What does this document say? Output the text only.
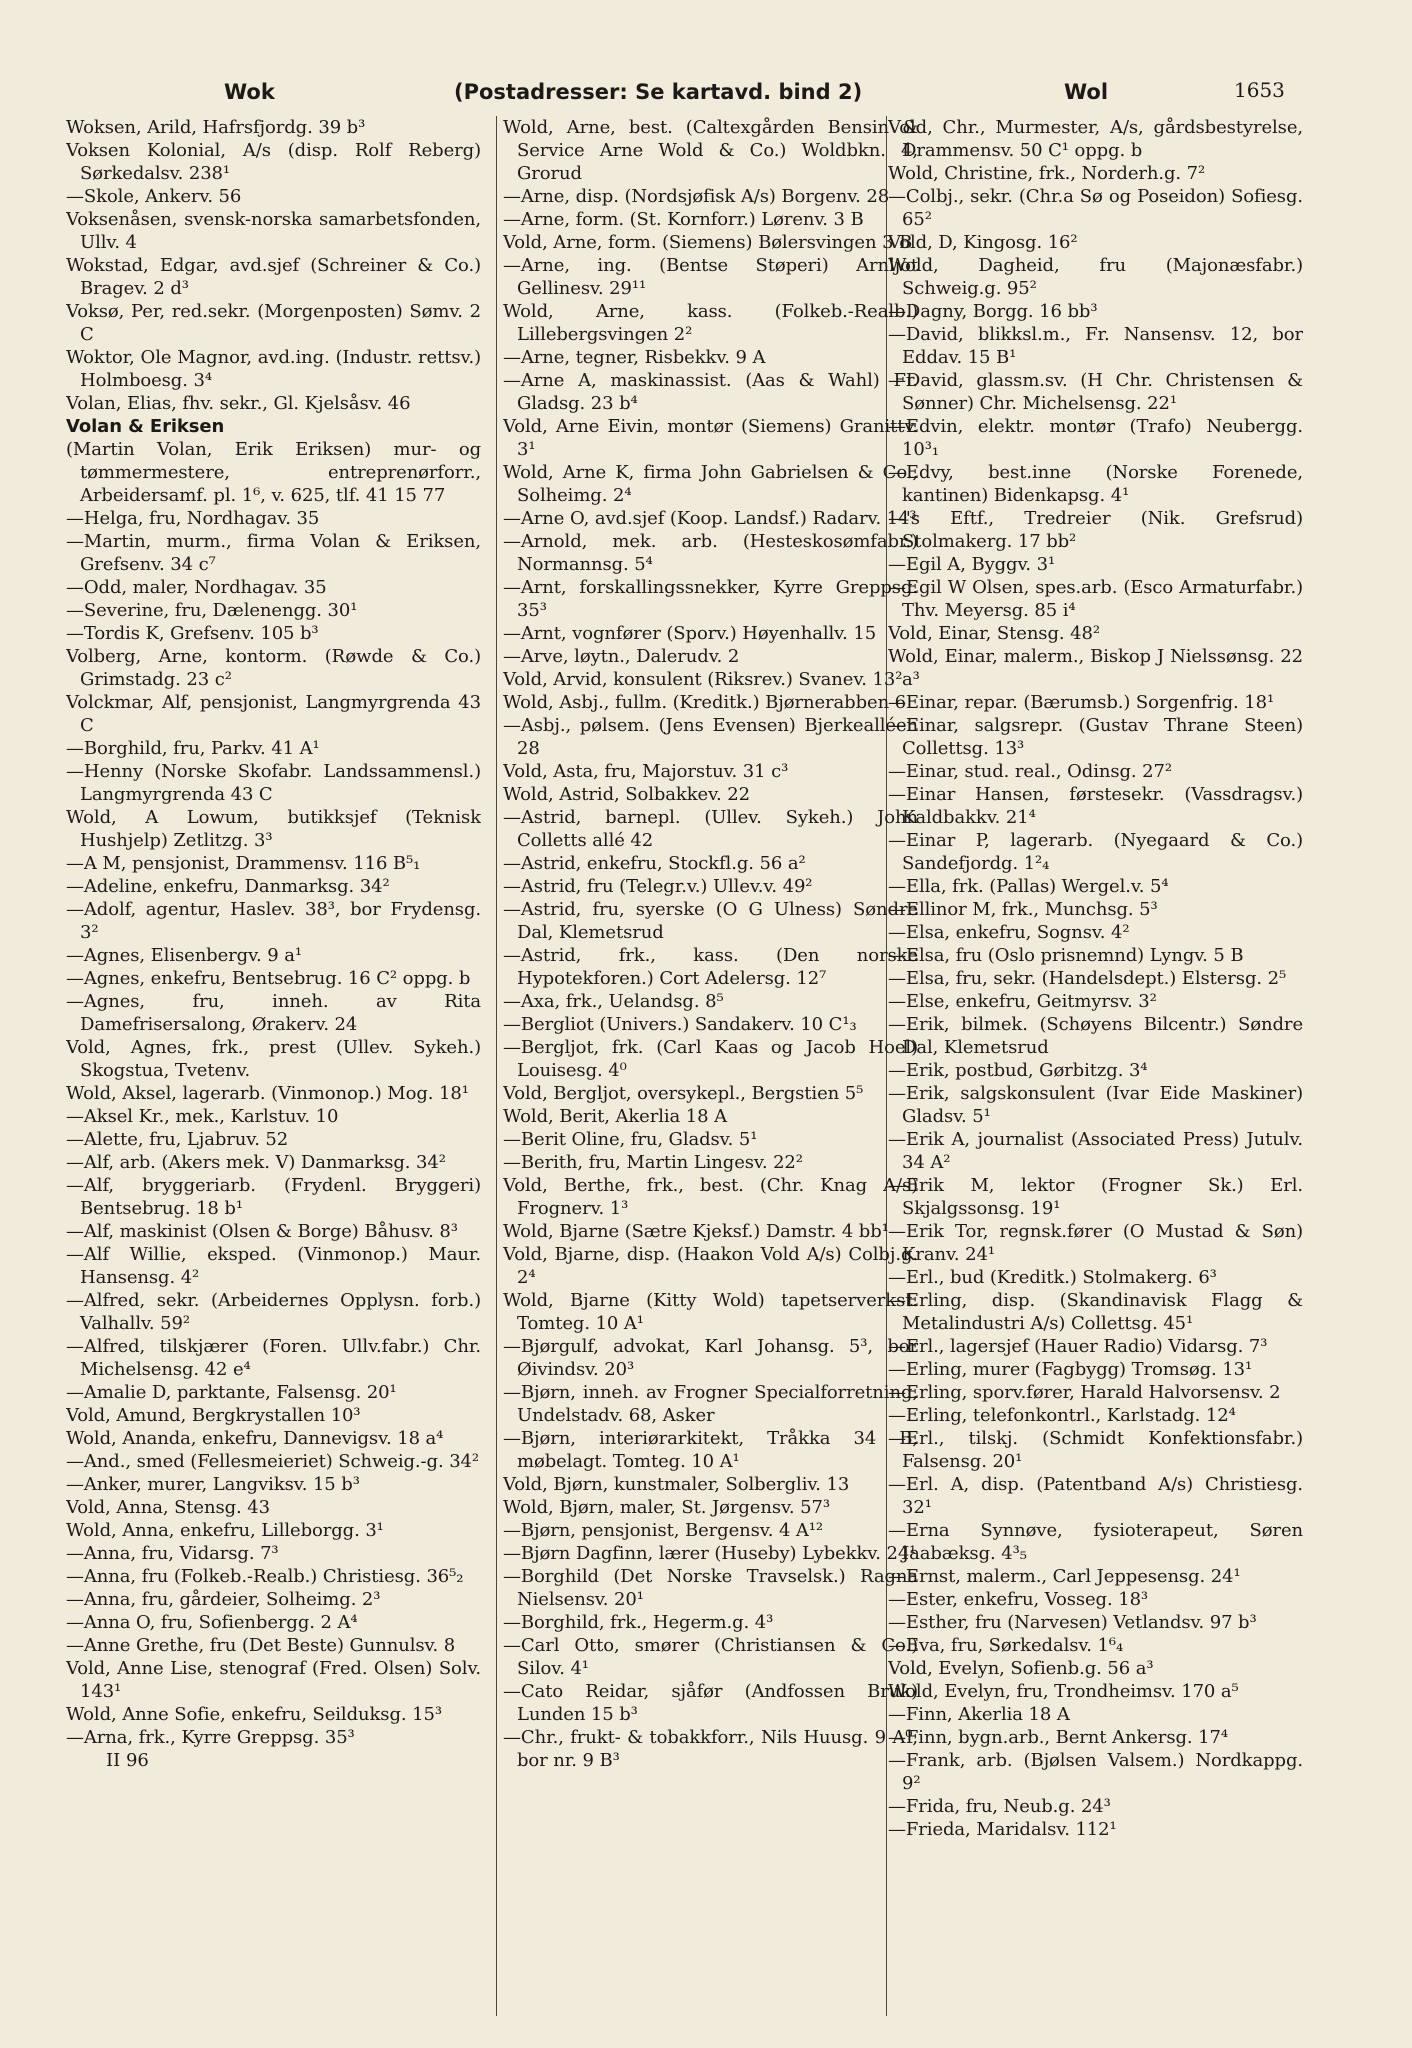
Wok	(Postadresser: Se kartavd. bind 2)	Wol	1653

Woksen, Arild, Hafrsfjordg. 39 b³

Voksen Kolonial, A/s (disp. Rolf Reberg) Sørkedalsv. 238¹

—Skole, Ankerv. 56

Voksenåsen, svensk-norska samarbetsfonden, Ullv. 4

Wokstad, Edgar, avd.sjef (Schreiner & Co.) Bragev. 2 d³

Voksø, Per, red.sekr. (Morgenposten) Sømv. 2 C

Woktor, Ole Magnor, avd.ing. (Industr. rettsv.) Holmboesg. 3⁴

Volan, Elias, fhv. sekr., Gl. Kjelsåsv. 46

Volan & Eriksen

(Martin Volan, Erik Eriksen) mur- og tømmermestere, entreprenørforr., Arbeidersamf. pl. 1⁶, v. 625, tlf. 41 15 77

—Helga, fru, Nordhagav. 35

—Martin, murm., firma Volan & Eriksen, Grefsenv. 34 c⁷

—Odd, maler, Nordhagav. 35

—Severine, fru, Dælenengg. 30¹

—Tordis K, Grefsenv. 105 b³

Volberg, Arne, kontorm. (Røwde & Co.) Grimstadg. 23 c²

Volckmar, Alf, pensjonist, Langmyrgrenda 43 C

—Borghild, fru, Parkv. 41 A¹

—Henny (Norske Skofabr. Landssammensl.) Langmyrgrenda 43 C

Wold, A Lowum, butikksjef (Teknisk Hushjelp) Zetlitzg. 3³

—A M, pensjonist, Drammensv. 116 B⁵₁

—Adeline, enkefru, Danmarksg. 34²

—Adolf, agentur, Haslev. 38³, bor Frydensg. 3²

—Agnes, Elisenbergv. 9 a¹

—Agnes, enkefru, Bentsebrug. 16 C² oppg. b

—Agnes, fru, inneh. av Rita Damefrisersalong, Ørakerv. 24

Vold, Agnes, frk., prest (Ullev. Sykeh.) Skogstua, Tvetenv.

Wold, Aksel, lagerarb. (Vinmonop.) Mog. 18¹

—Aksel Kr., mek., Karlstuv. 10

—Alette, fru, Ljabruv. 52

—Alf, arb. (Akers mek. V) Danmarksg. 34²

—Alf, bryggeriarb. (Frydenl. Bryggeri) Bentsebrug. 18 b¹

—Alf, maskinist (Olsen & Borge) Båhusv. 8³

—Alf Willie, eksped. (Vinmonop.) Maur. Hansensg. 4²

—Alfred, sekr. (Arbeidernes Opplysn. forb.) Valhallv. 59²

—Alfred, tilskjærer (Foren. Ullv.fabr.) Chr. Michelsensg. 42 e⁴

—Amalie D, parktante, Falsensg. 20¹

Vold, Amund, Bergkrystallen 10³

Wold, Ananda, enkefru, Dannevigsv. 18 a⁴

—And., smed (Fellesmeieriet) Schweig.-g. 34²

—Anker, murer, Langviksv. 15 b³

Vold, Anna, Stensg. 43

Wold, Anna, enkefru, Lilleborgg. 3¹

—Anna, fru, Vidarsg. 7³

—Anna, fru (Folkeb.-Realb.) Christiesg. 36⁵₂

—Anna, fru, gårdeier, Solheimg. 2³

—Anna O, fru, Sofienbergg. 2 A⁴

—Anne Grethe, fru (Det Beste) Gunnulsv. 8

Vold, Anne Lise, stenograf (Fred. Olsen) Solv. 143¹

Wold, Anne Sofie, enkefru, Seilduksg. 15³

—Arna, frk., Kyrre Greppsg. 35³

II 96

Wold, Arne, best. (Caltexgården Bensin & Service Arne Wold & Co.) Woldbkn. 4, Grorud

—Arne, disp. (Nordsjøfisk A/s) Borgenv. 28

—Arne, form. (St. Kornforr.) Lørenv. 3 B

Vold, Arne, form. (Siemens) Bølersvingen 3 B

—Arne, ing. (Bentse Støperi) Arnljot Gellinesv. 29¹¹

Wold, Arne, kass. (Folkeb.-Realb.) Lillebergsvingen 2²

—Arne, tegner, Risbekkv. 9 A

—Arne A, maskinassist. (Aas & Wahl) Fr. Gladsg. 23 b⁴

Vold, Arne Eivin, montør (Siemens) Granittv. 3¹

Wold, Arne K, firma John Gabrielsen & Co., Solheimg. 2⁴

—Arne O, avd.sjef (Koop. Landsf.) Radarv. 14³

—Arnold, mek. arb. (Hesteskosømfabr.) Normannsg. 5⁴

—Arnt, forskallingssnekker, Kyrre Greppsg. 35³

—Arnt, vognfører (Sporv.) Høyenhallv. 15

—Arve, løytn., Dalerudv. 2

Vold, Arvid, konsulent (Riksrev.) Svanev. 13²

Wold, Asbj., fullm. (Kreditk.) Bjørnerabben 6

—Asbj., pølsem. (Jens Evensen) Bjerkealléen 28

Vold, Asta, fru, Majorstuv. 31 c³

Wold, Astrid, Solbakkev. 22

—Astrid, barnepl. (Ullev. Sykeh.) John Colletts allé 42

—Astrid, enkefru, Stockfl.g. 56 a²

—Astrid, fru (Telegr.v.) Ullev.v. 49²

—Astrid, fru, syerske (O G Ulness) Søndre Dal, Klemetsrud

—Astrid, frk., kass. (Den norske Hypotekforen.) Cort Adelersg. 12⁷

—Axa, frk., Uelandsg. 8⁵

—Bergliot (Univers.) Sandakerv. 10 C¹₃

—Bergljot, frk. (Carl Kaas og Jacob Hoel) Louisesg. 4⁰

Vold, Bergljot, oversykepl., Bergstien 5⁵

Wold, Berit, Akerlia 18 A

—Berit Oline, fru, Gladsv. 5¹

—Berith, fru, Martin Lingesv. 22²

Vold, Berthe, frk., best. (Chr. Knag A/s) Frognerv. 1³

Wold, Bjarne (Sætre Kjeksf.) Damstr. 4 bb¹

Vold, Bjarne, disp. (Haakon Vold A/s) Colbj.g. 2⁴

Wold, Bjarne (Kitty Wold) tapetserverkst. Tomteg. 10 A¹

—Bjørgulf, advokat, Karl Johansg. 5³, bor Øivindsv. 20³

—Bjørn, inneh. av Frogner Specialforretning, Undelstadv. 68, Asker

—Bjørn, interiørarkitekt, Tråkka 34 B, møbelagt. Tomteg. 10 A¹

Vold, Bjørn, kunstmaler, Solbergliv. 13

Wold, Bjørn, maler, St. Jørgensv. 57³

—Bjørn, pensjonist, Bergensv. 4 A¹²

—Bjørn Dagfinn, lærer (Huseby) Lybekkv. 24¹

—Borghild (Det Norske Travselsk.) Ragna Nielsensv. 20¹

—Borghild, frk., Hegerm.g. 4³

—Carl Otto, smører (Christiansen & Co.) Silov. 4¹

—Cato Reidar, sjåfør (Andfossen Bruk) Lunden 15 b³

—Chr., frukt- & tobakkforr., Nils Huusg. 9 A⁰, bor nr. 9 B³

Vold, Chr., Murmester, A/s, gårdsbestyrelse, Drammensv. 50 C¹ oppg. b

Wold, Christine, frk., Norderh.g. 7²

—Colbj., sekr. (Chr.a Sø og Poseidon) Sofiesg. 65²

Vold, D, Kingosg. 16²

Wold, Dagheid, fru (Majonæsfabr.) Schweig.g. 95²

—Dagny, Borgg. 16 bb³

—David, blikksl.m., Fr. Nansensv. 12, bor Eddav. 15 B¹

—David, glassm.sv. (H Chr. Christensen & Sønner) Chr. Michelsensg. 22¹

—Edvin, elektr. montør (Trafo) Neubergg. 10³₁

—Edvy, best.inne (Norske Forenede, kantinen) Bidenkapsg. 4¹

—'s Eftf., Tredreier (Nik. Grefsrud) Stolmakerg. 17 bb²

—Egil A, Byggv. 3¹

—Egil W Olsen, spes.arb. (Esco Armaturfabr.) Thv. Meyersg. 85 i⁴

Vold, Einar, Stensg. 48²

Wold, Einar, malerm., Biskop J Nielssønsg. 22 a³

—Einar, repar. (Bærumsb.) Sorgenfrig. 18¹

—Einar, salgsrepr. (Gustav Thrane Steen) Collettsg. 13³

—Einar, stud. real., Odinsg. 27²

—Einar Hansen, førstesekr. (Vassdragsv.) Kaldbakkv. 21⁴

—Einar P, lagerarb. (Nyegaard & Co.) Sandefjordg. 1²₄

—Ella, frk. (Pallas) Wergel.v. 5⁴

—Ellinor M, frk., Munchsg. 5³

—Elsa, enkefru, Sognsv. 4²

—Elsa, fru (Oslo prisnemnd) Lyngv. 5 B

—Elsa, fru, sekr. (Handelsdept.) Elstersg. 2⁵

—Else, enkefru, Geitmyrsv. 3²

—Erik, bilmek. (Schøyens Bilcentr.) Søndre Dal, Klemetsrud

—Erik, postbud, Gørbitzg. 3⁴

—Erik, salgskonsulent (Ivar Eide Maskiner) Gladsv. 5¹

—Erik A, journalist (Associated Press) Jutulv. 34 A²

—Erik M, lektor (Frogner Sk.) Erl. Skjalgssonsg. 19¹

—Erik Tor, regnsk.fører (O Mustad & Søn) Kranv. 24¹

—Erl., bud (Kreditk.) Stolmakerg. 6³

—Erling, disp. (Skandinavisk Flagg & Metalindustri A/s) Collettsg. 45¹

—Erl., lagersjef (Hauer Radio) Vidarsg. 7³

—Erling, murer (Fagbygg) Tromsøg. 13¹

—Erling, sporv.fører, Harald Halvorsensv. 2

—Erling, telefonkontrl., Karlstadg. 12⁴

—Erl., tilskj. (Schmidt Konfektionsfabr.) Falsensg. 20¹

—Erl. A, disp. (Patentband A/s) Christiesg. 32¹

—Erna Synnøve, fysioterapeut, Søren Jaabæksg. 4³₅

—Ernst, malerm., Carl Jeppesensg. 24¹

—Ester, enkefru, Vosseg. 18³

—Esther, fru (Narvesen) Vetlandsv. 97 b³

—Eva, fru, Sørkedalsv. 1⁶₄

Vold, Evelyn, Sofienb.g. 56 a³

Wold, Evelyn, fru, Trondheimsv. 170 a⁵

—Finn, Akerlia 18 A

—Finn, bygn.arb., Bernt Ankersg. 17⁴

—Frank, arb. (Bjølsen Valsem.) Nordkappg. 9²

—Frida, fru, Neub.g. 24³

—Frieda, Maridalsv. 112¹
